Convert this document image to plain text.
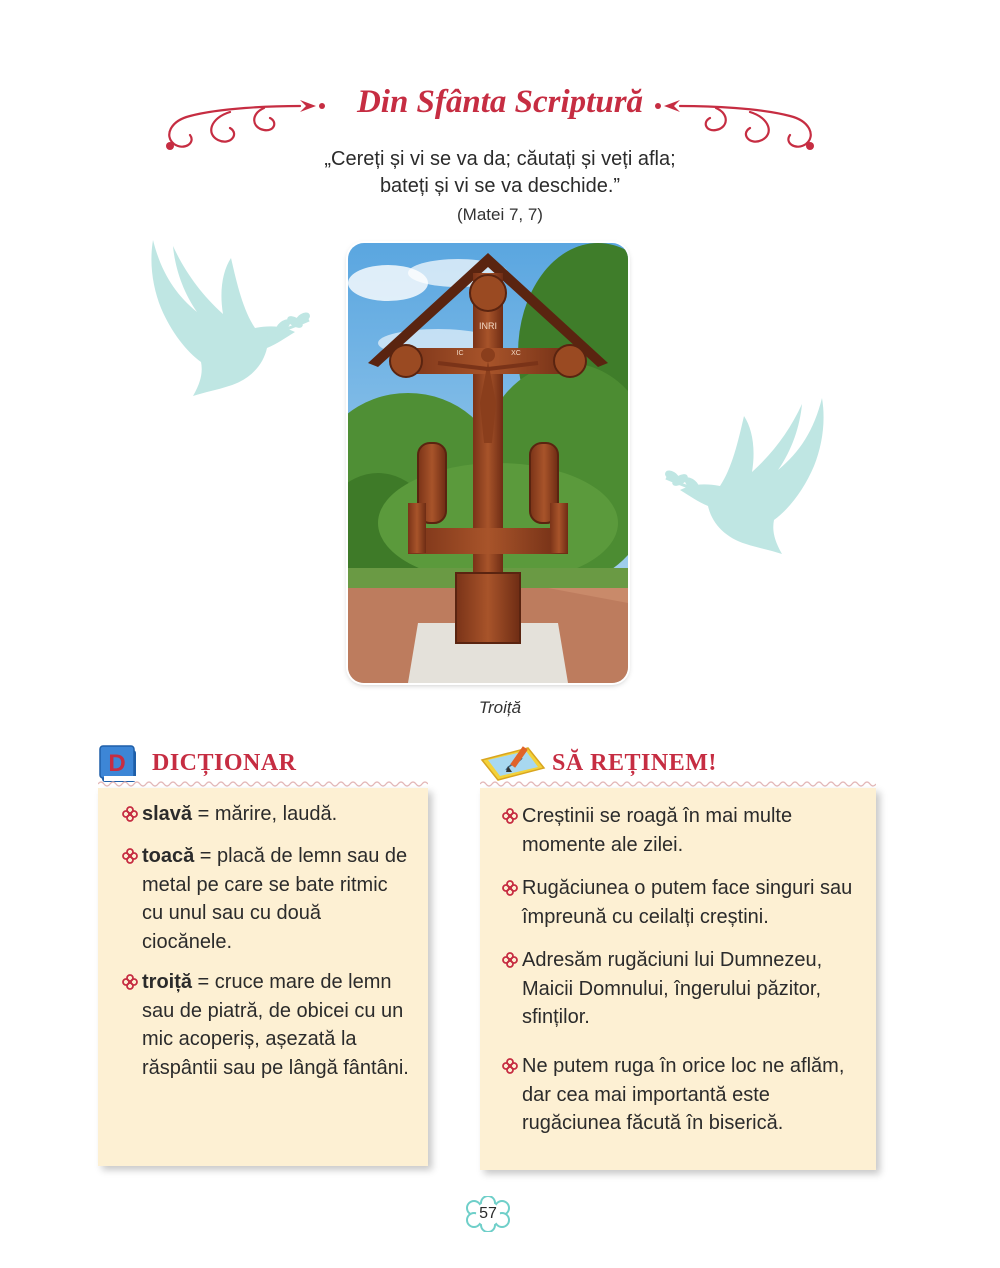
Din Sfânta Scriptură
„Cereți și vi se va da; căutați și veți afla;
bateți și vi se va deschide.”
(Matei 7, 7)
INRI
IC	XC
Troiță
D DICȚIONAR	SĂ REȚINEM!
slavă = mărire, laudă.
toacă = placă de lemn sau de metal pe care se bate ritmic cu unul sau cu două ciocănele.
troiță = cruce mare de lemn sau de piatră, de obicei cu un mic acoperiș, așezată la răspântii sau pe lângă fântâni.
Creștinii se roagă în mai multe momente ale zilei.
Rugăciunea o putem face singuri sau împreună cu ceilalți creștini.
Adresăm rugăciuni lui Dumnezeu, Maicii Domnului, îngerului păzitor, sfinților.
Ne putem ruga în orice loc ne aflăm, dar cea mai importantă este rugăciunea făcută în biserică.
57
